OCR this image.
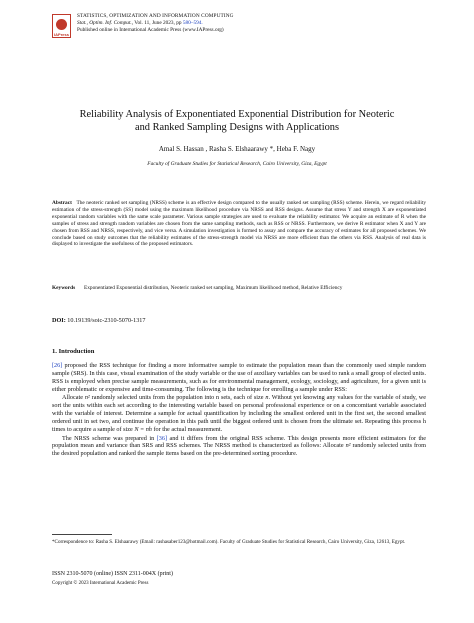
IAPress
STATISTICS, OPTIMIZATION AND INFORMATION COMPUTING
Stat., Optim. Inf. Comput., Vol. 11, June 2023, pp 580–594.
Published online in International Academic Press (www.IAPress.org)
Reliability Analysis of Exponentiated Exponential Distribution for Neoteric
and Ranked Sampling Designs with Applications
Amal S. Hassan , Rasha S. Elshaarawy *, Heba F. Nagy
Faculty of Graduate Studies for Statistical Research, Cairo University, Giza, Egypt
Abstract The neoteric ranked set sampling (NRSS) scheme is an effective design compared to the usually ranked set sampling (RSS) scheme. Herein, we regard reliability estimation of the stress-strength (SS) model using the maximum likelihood procedure via NRSS and RSS designs. Assume that stress Y and strength X are exponentiated exponential random variables with the same scale parameter. Various sample strategies are used to evaluate the reliability estimator. We acquire an estimate of R when the samples of stress and strength random variables are chosen from the same sampling methods, such as RSS or NRSS. Furthermore, we derive R estimator when X and Y are chosen from RSS and NRSS, respectively, and vice versa. A simulation investigation is formed to assay and compare the accuracy of estimates for all proposed schemes. We conclude based on study outcomes that the reliability estimates of the stress-strength model via NRSS are more efficient than the others via RSS. Analysis of real data is displayed to investigate the usefulness of the proposed estimators.
Keywords	Exponentiated Exponential distribution, Neoteric ranked set sampling, Maximum likelihood method, Relative Efficiency
DOI: 10.19139/soic-2310-5070-1317
1. Introduction

[26] proposed the RSS technique for finding a more informative sample to estimate the population mean than the commonly used simple random sample (SRS). In this case, visual examination of the study variable or the use of auxiliary variables can be used to rank a small group of elected units. RSS is employed when precise sample measurements, such as for environmental management, ecology, sociology, and agriculture, for a given unit is either problematic or expensive and time-consuming. The following is the technique for enrolling a sample under RSS:

Allocate n² randomly selected units from the population into n sets, each of size n. Without yet knowing any values for the variable of study, we sort the units within each set according to the interesting variable based on personal professional experience or on a concomitant variable associated with the variable of interest. Determine a sample for actual quantification by including the smallest ordered unit in the first set, the second smallest ordered unit in set two, and continue the operation in this path until the biggest ordered unit is chosen from the ultimate set. Repeating this process h times to acquire a sample of size N = nh for the actual measurement.

The NRSS scheme was prepared in [36] and it differs from the original RSS scheme. This design presents more efficient estimators for the population mean and variance than SRS and RSS schemes. The NRSS method is characterized as follows: Allocate n² randomly selected units from the desired population and ranked the sample items based on the pre-determined sorting procedure.

*Correspondence to: Rasha S. Elshaarawy (Email: rashasaber123@hotmail.com). Faculty of Graduate Studies for Statistical Research, Cairo University, Giza, 12613, Egypt.
ISSN 2310-5070 (online) ISSN 2311-004X (print)
Copyright © 2023 International Academic Press
